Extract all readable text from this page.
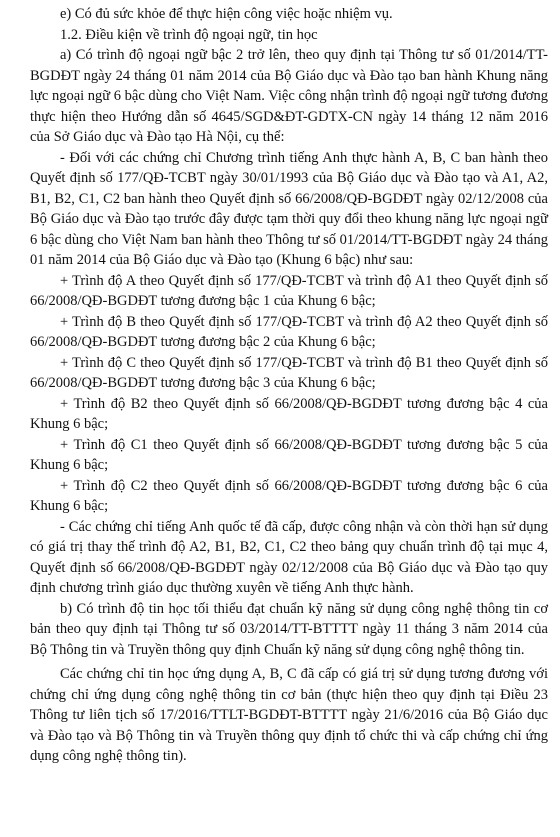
e) Có đủ sức khỏe để thực hiện công việc hoặc nhiệm vụ.

1.2. Điều kiện về trình độ ngoại ngữ, tin học

a) Có trình độ ngoại ngữ bậc 2 trở lên, theo quy định tại Thông tư số 01/2014/TT-BGDĐT ngày 24 tháng 01 năm 2014 của Bộ Giáo dục và Đào tạo ban hành Khung năng lực ngoại ngữ 6 bậc dùng cho Việt Nam. Việc công nhận trình độ ngoại ngữ tương đương thực hiện theo Hướng dẫn số 4645/SGD&ĐT-GDTX-CN ngày 14 tháng 12 năm 2016 của Sở Giáo dục và Đào tạo Hà Nội, cụ thể:

- Đối với các chứng chỉ Chương trình tiếng Anh thực hành A, B, C ban hành theo Quyết định số 177/QĐ-TCBT ngày 30/01/1993 của Bộ Giáo dục và Đào tạo và A1, A2, B1, B2, C1, C2 ban hành theo Quyết định số 66/2008/QĐ-BGDĐT ngày 02/12/2008 của Bộ Giáo dục và Đào tạo trước đây được tạm thời quy đổi theo khung năng lực ngoại ngữ 6 bậc dùng cho Việt Nam ban hành theo Thông tư số 01/2014/TT-BGDĐT ngày 24 tháng 01 năm 2014 của Bộ Giáo dục và Đào tạo (Khung 6 bậc) như sau:

+ Trình độ A theo Quyết định số 177/QĐ-TCBT và trình độ A1 theo Quyết định số 66/2008/QĐ-BGDĐT tương đương bậc 1 của Khung 6 bậc;

+ Trình độ B theo Quyết định số 177/QĐ-TCBT và trình độ A2 theo Quyết định số 66/2008/QĐ-BGDĐT tương đương bậc 2 của Khung 6 bậc;

+ Trình độ C theo Quyết định số 177/QĐ-TCBT và trình độ B1 theo Quyết định số 66/2008/QĐ-BGDĐT tương đương bậc 3 của Khung 6 bậc;

+ Trình độ B2 theo Quyết định số 66/2008/QĐ-BGDĐT tương đương bậc 4 của Khung 6 bậc;

+ Trình độ C1 theo Quyết định số 66/2008/QĐ-BGDĐT tương đương bậc 5 của Khung 6 bậc;

+ Trình độ C2 theo Quyết định số 66/2008/QĐ-BGDĐT tương đương bậc 6 của Khung 6 bậc;

- Các chứng chỉ tiếng Anh quốc tế đã cấp, được công nhận và còn thời hạn sử dụng có giá trị thay thế trình độ A2, B1, B2, C1, C2 theo bảng quy chuẩn trình độ tại mục 4, Quyết định số 66/2008/QĐ-BGDĐT ngày 02/12/2008 của Bộ Giáo dục và Đào tạo quy định chương trình giáo dục thường xuyên về tiếng Anh thực hành.

b) Có trình độ tin học tối thiểu đạt chuẩn kỹ năng sử dụng công nghệ thông tin cơ bản theo quy định tại Thông tư số 03/2014/TT-BTTTT ngày 11 tháng 3 năm 2014 của Bộ Thông tin và Truyền thông quy định Chuẩn kỹ năng sử dụng công nghệ thông tin.

Các chứng chỉ tin học ứng dụng A, B, C đã cấp có giá trị sử dụng tương đương với chứng chỉ ứng dụng công nghệ thông tin cơ bản (thực hiện theo quy định tại Điều 23 Thông tư liên tịch số 17/2016/TTLT-BGDĐT-BTTTT ngày 21/6/2016 của Bộ Giáo dục và Đào tạo và Bộ Thông tin và Truyền thông quy định tổ chức thi và cấp chứng chỉ ứng dụng công nghệ thông tin).
